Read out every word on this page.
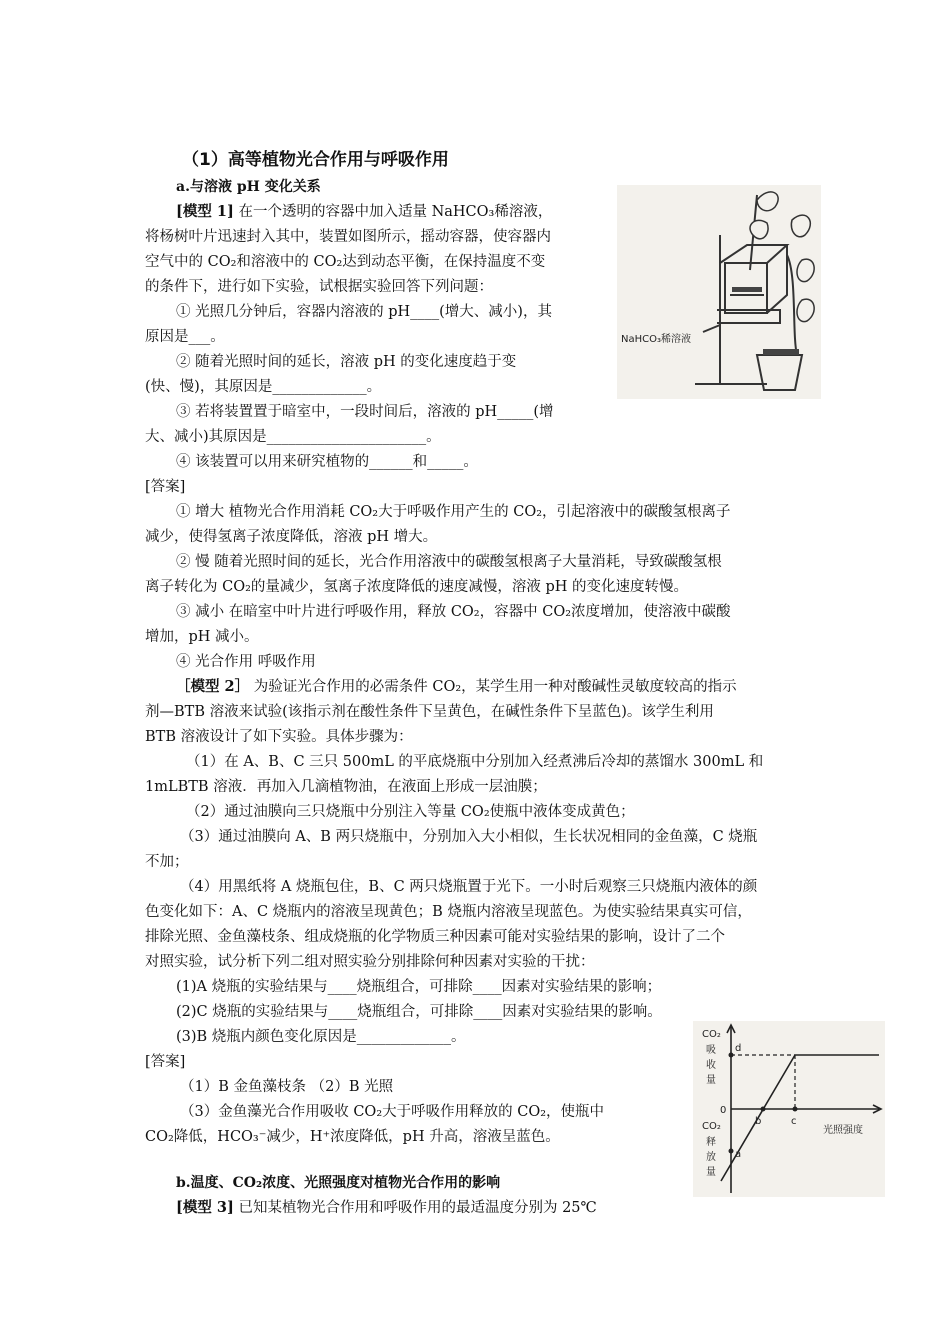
（1）高等植物光合作用与呼吸作用
a.与溶液 pH 变化关系
[模型 1] 在一个透明的容器中加入适量 NaHCO₃稀溶液，
将杨树叶片迅速封入其中，装置如图所示，摇动容器，使容器内
空气中的 CO₂和溶液中的 CO₂达到动态平衡，在保持温度不变
的条件下，进行如下实验，试根据实验回答下列问题：
① 光照几分钟后，容器内溶液的 pH____(增大、减小)，其
原因是___。
② 随着光照时间的延长，溶液 pH 的变化速度趋于变
(快、慢)，其原因是_____________。
③ 若将装置置于暗室中，一段时间后，溶液的 pH_____(增
大、减小)其原因是______________________。
④ 该装置可以用来研究植物的______和_____。
NaHCO₃稀溶液
[答案]
① 增大 植物光合作用消耗 CO₂大于呼吸作用产生的 CO₂，引起溶液中的碳酸氢根离子
减少，使得氢离子浓度降低，溶液 pH 增大。
② 慢 随着光照时间的延长，光合作用溶液中的碳酸氢根离子大量消耗，导致碳酸氢根
离子转化为 CO₂的量减少，氢离子浓度降低的速度减慢，溶液 pH 的变化速度转慢。
③ 减小 在暗室中叶片进行呼吸作用，释放 CO₂，容器中 CO₂浓度增加，使溶液中碳酸
增加，pH 减小。
④ 光合作用 呼吸作用
［模型 2］ 为验证光合作用的必需条件 CO₂，某学生用一种对酸碱性灵敏度较高的指示
剂—BTB 溶液来试验(该指示剂在酸性条件下呈黄色，在碱性条件下呈蓝色)。该学生利用
BTB 溶液设计了如下实验。具体步骤为：
（1）在 A、B、C 三只 500mL 的平底烧瓶中分别加入经煮沸后冷却的蒸馏水 300mL 和
1mLBTB 溶液．再加入几滴植物油，在液面上形成一层油膜；
（2）通过油膜向三只烧瓶中分别注入等量 CO₂使瓶中液体变成黄色；
（3）通过油膜向 A、B 两只烧瓶中，分别加入大小相似，生长状况相同的金鱼藻，C 烧瓶
不加；
（4）用黑纸将 A 烧瓶包住，B、C 两只烧瓶置于光下。一小时后观察三只烧瓶内液体的颜
色变化如下：A、C 烧瓶内的溶液呈现黄色；B 烧瓶内溶液呈现蓝色。为使实验结果真实可信，
排除光照、金鱼藻枝条、组成烧瓶的化学物质三种因素可能对实验结果的影响，设计了二个
对照实验，试分析下列二组对照实验分别排除何种因素对实验的干扰：
(1)A 烧瓶的实验结果与____烧瓶组合，可排除____因素对实验结果的影响；
(2)C 烧瓶的实验结果与____烧瓶组合，可排除____因素对实验结果的影响。
(3)B 烧瓶内颜色变化原因是_____________。
[答案]
（1）B 金鱼藻枝条 （2）B 光照
（3）金鱼藻光合作用吸收 CO₂大于呼吸作用释放的 CO₂，使瓶中
CO₂降低，HCO₃⁻减少，H⁺浓度降低，pH 升高，溶液呈蓝色。
CO₂
吸
收
量
CO₂
释
放
量
0
光照强度
a
b	c
d
b.温度、CO₂浓度、光照强度对植物光合作用的影响
[模型 3] 已知某植物光合作用和呼吸作用的最适温度分别为 25℃
